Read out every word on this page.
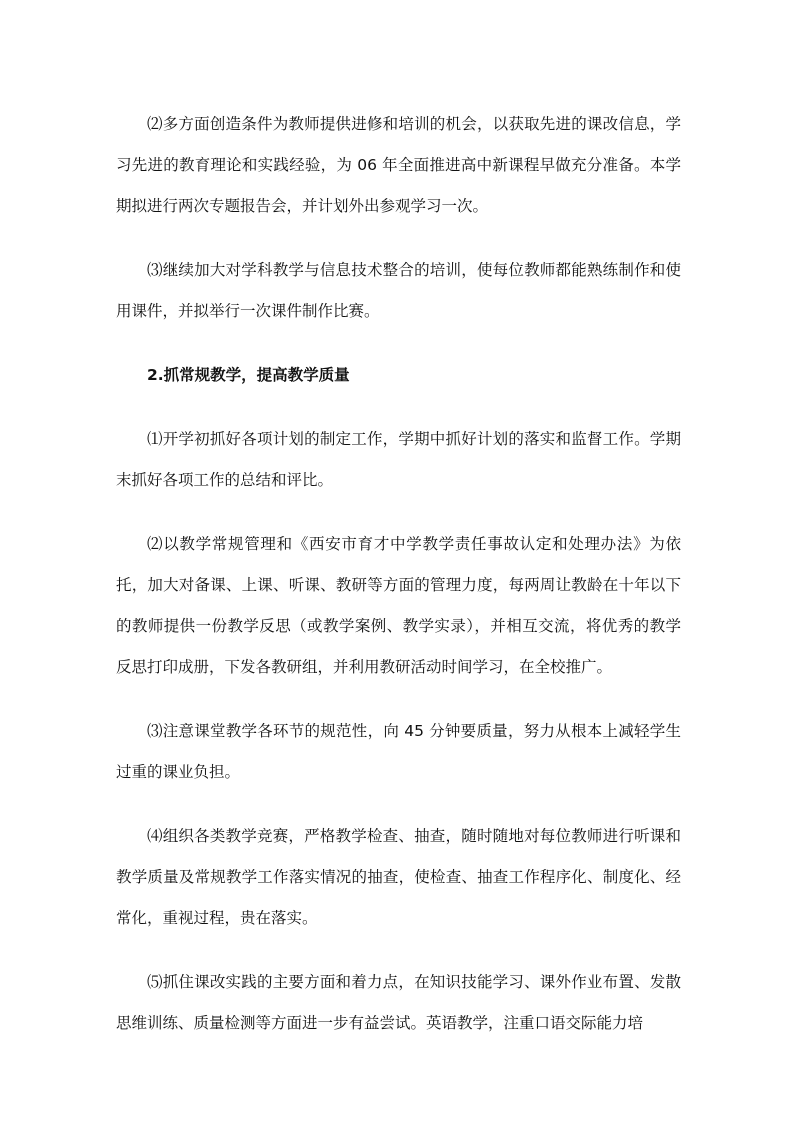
⑵多方面创造条件为教师提供进修和培训的机会，以获取先进的课改信息，学习先进的教育理论和实践经验，为 06 年全面推进高中新课程早做充分准备。本学期拟进行两次专题报告会，并计划外出参观学习一次。

⑶继续加大对学科教学与信息技术整合的培训，使每位教师都能熟练制作和使用课件，并拟举行一次课件制作比赛。

2.抓常规教学，提高教学质量

⑴开学初抓好各项计划的制定工作，学期中抓好计划的落实和监督工作。学期末抓好各项工作的总结和评比。

⑵以教学常规管理和《西安市育才中学教学责任事故认定和处理办法》为依托，加大对备课、上课、听课、教研等方面的管理力度，每两周让教龄在十年以下的教师提供一份教学反思（或教学案例、教学实录），并相互交流，将优秀的教学反思打印成册，下发各教研组，并利用教研活动时间学习，在全校推广。

⑶注意课堂教学各环节的规范性，向 45 分钟要质量，努力从根本上减轻学生过重的课业负担。

⑷组织各类教学竞赛，严格教学检查、抽查，随时随地对每位教师进行听课和教学质量及常规教学工作落实情况的抽查，使检查、抽查工作程序化、制度化、经常化，重视过程，贵在落实。

⑸抓住课改实践的主要方面和着力点，在知识技能学习、课外作业布置、发散思维训练、质量检测等方面进一步有益尝试。英语教学，注重口语交际能力培
